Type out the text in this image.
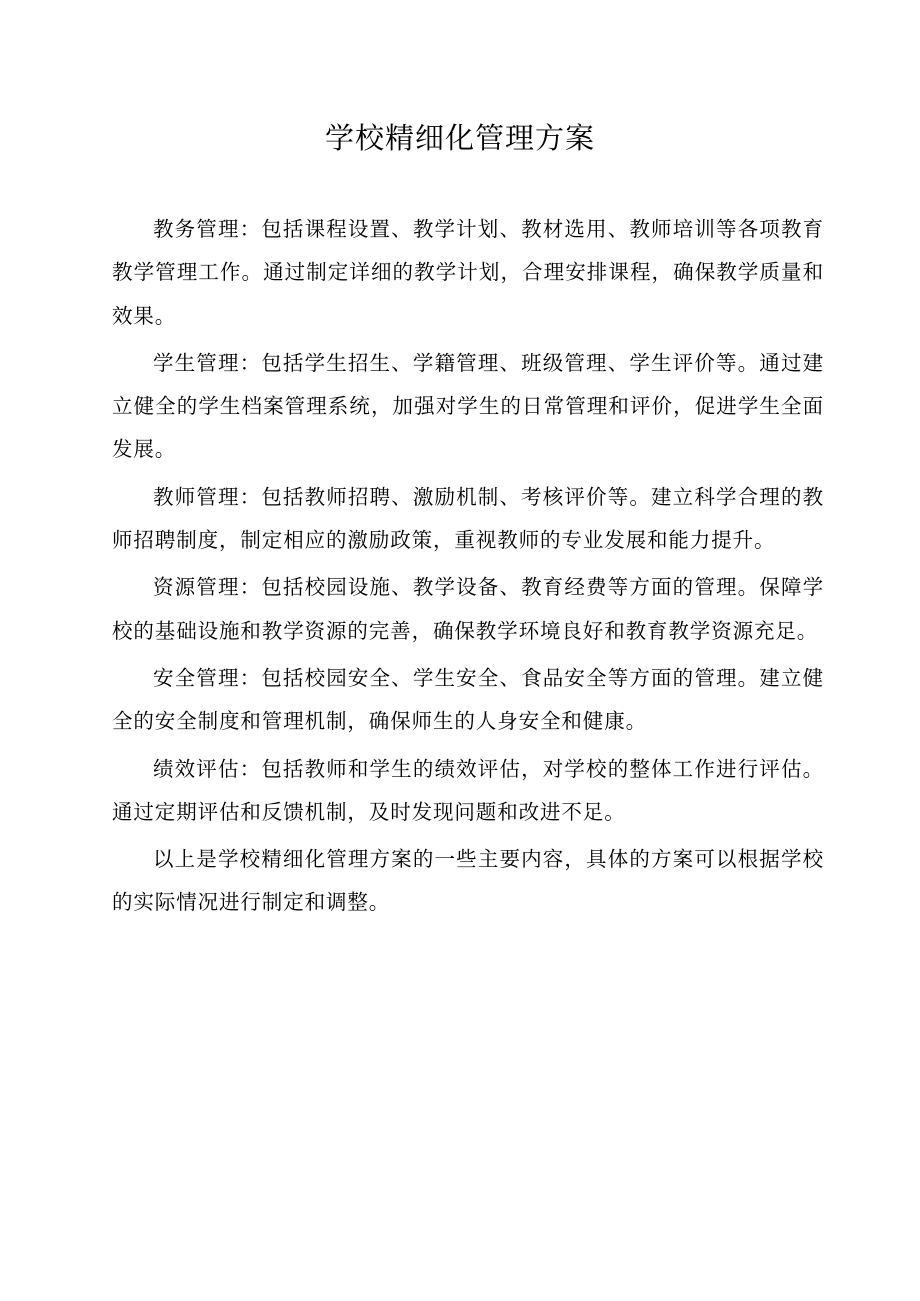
学校精细化管理方案

教务管理：包括课程设置、教学计划、教材选用、教师培训等各项教育教学管理工作。通过制定详细的教学计划，合理安排课程，确保教学质量和效果。

学生管理：包括学生招生、学籍管理、班级管理、学生评价等。通过建立健全的学生档案管理系统，加强对学生的日常管理和评价，促进学生全面发展。

教师管理：包括教师招聘、激励机制、考核评价等。建立科学合理的教师招聘制度，制定相应的激励政策，重视教师的专业发展和能力提升。

资源管理：包括校园设施、教学设备、教育经费等方面的管理。保障学校的基础设施和教学资源的完善，确保教学环境良好和教育教学资源充足。

安全管理：包括校园安全、学生安全、食品安全等方面的管理。建立健全的安全制度和管理机制，确保师生的人身安全和健康。

绩效评估：包括教师和学生的绩效评估，对学校的整体工作进行评估。通过定期评估和反馈机制，及时发现问题和改进不足。

以上是学校精细化管理方案的一些主要内容，具体的方案可以根据学校的实际情况进行制定和调整。
